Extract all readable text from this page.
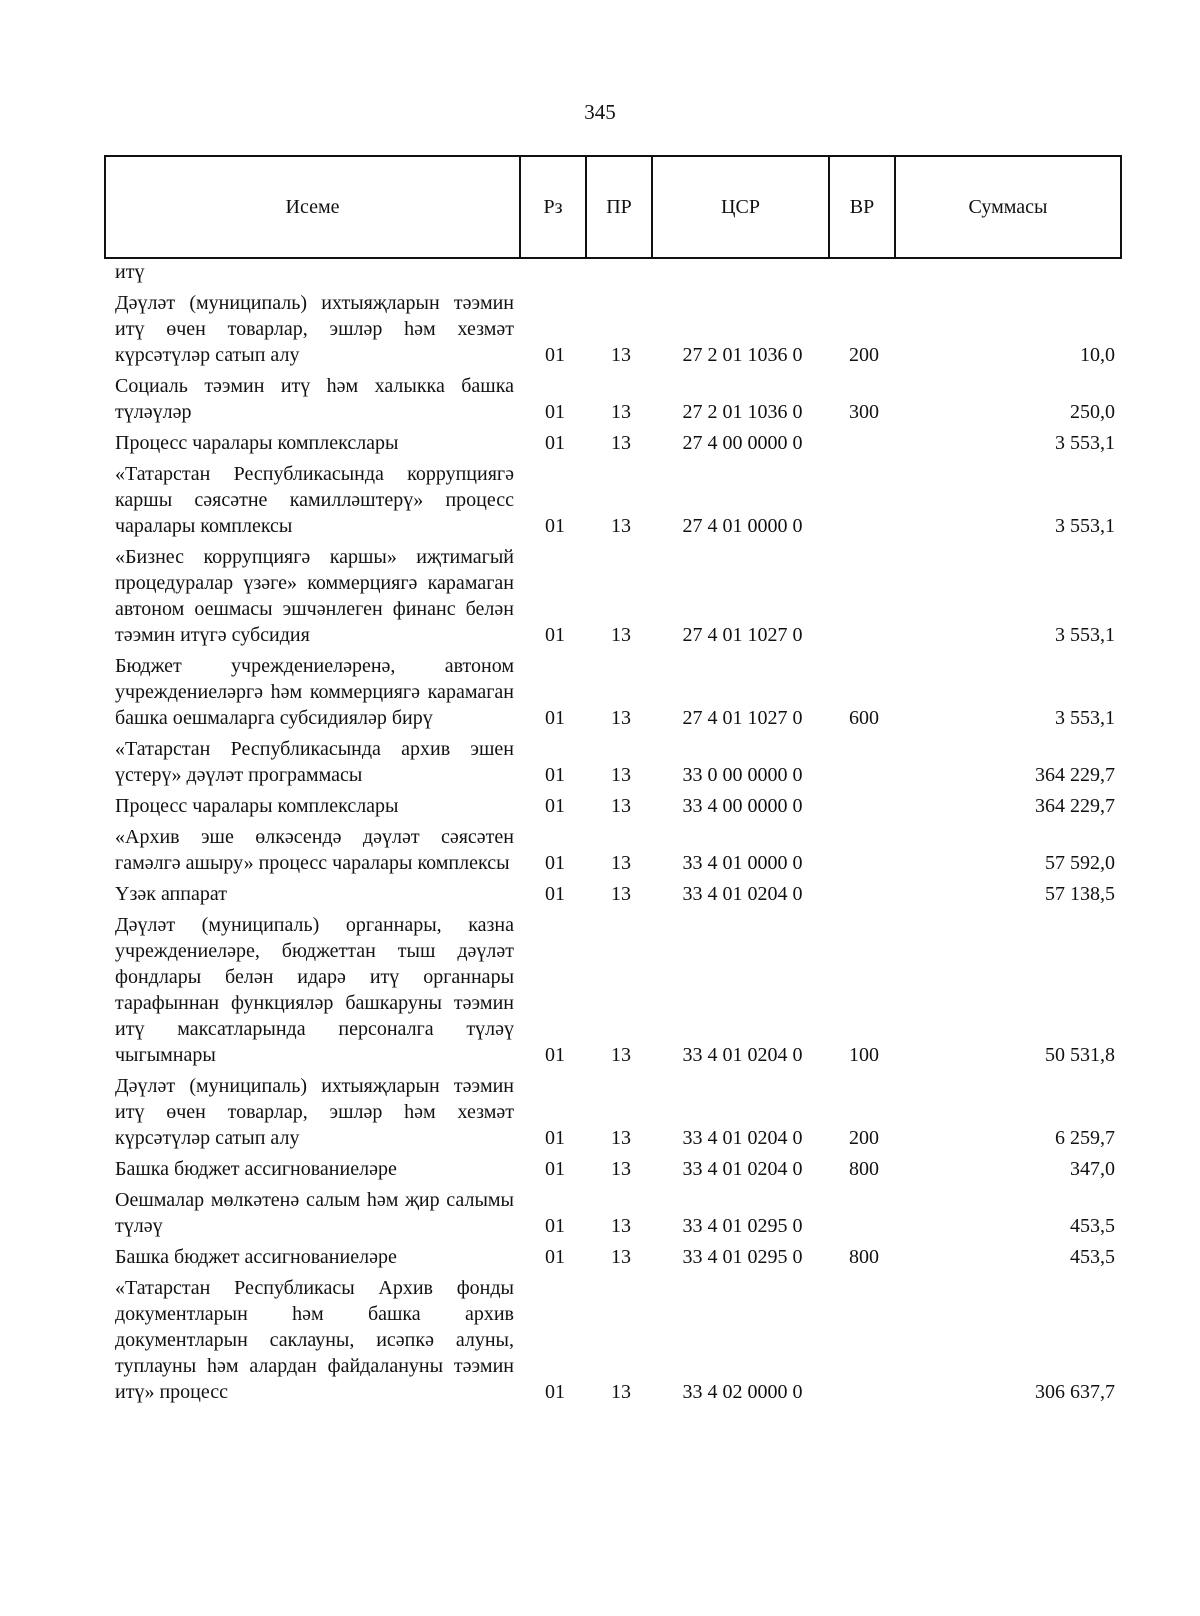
345
Исеме	Рз	ПР	ЦСР	ВР	Суммасы
итү					
Дәүләт (муниципаль) ихтыяҗларын тәэмин итү өчен товарлар, эшләр һәм хезмәт күрсәтүләр сатып алу	01	13	27 2 01 1036 0	200	10,0
Социаль тәэмин итү һәм халыкка башка түләүләр	01	13	27 2 01 1036 0	300	250,0
Процесс чаралары комплекслары	01	13	27 4 00 0000 0		3 553,1
«Татарстан Республикасында коррупциягә каршы сәясәтне камилләштерү» процесс чаралары комплексы	01	13	27 4 01 0000 0		3 553,1
«Бизнес коррупциягә каршы» иҗтимагый процедуралар үзәге» коммерциягә карамаган автоном оешмасы эшчәнлеген финанс белән тәэмин итүгә субсидия	01	13	27 4 01 1027 0		3 553,1
Бюджет учреждениеләренә, автоном учреждениеләргә һәм коммерциягә карамаган башка оешмаларга субсидияләр бирү	01	13	27 4 01 1027 0	600	3 553,1
«Татарстан Республикасында архив эшен үстерү» дәүләт программасы	01	13	33 0 00 0000 0		364 229,7
Процесс чаралары комплекслары	01	13	33 4 00 0000 0		364 229,7
«Архив эше өлкәсендә дәүләт сәясәтен гамәлгә ашыру» процесс чаралары комплексы	01	13	33 4 01 0000 0		57 592,0
Үзәк аппарат	01	13	33 4 01 0204 0		57 138,5
Дәүләт (муниципаль) органнары, казна учреждениеләре, бюджеттан тыш дәүләт фондлары белән идарә итү органнары тарафыннан функцияләр башкаруны тәэмин итү максатларында персоналга түләү чыгымнары	01	13	33 4 01 0204 0	100	50 531,8
Дәүләт (муниципаль) ихтыяҗларын тәэмин итү өчен товарлар, эшләр һәм хезмәт күрсәтүләр сатып алу	01	13	33 4 01 0204 0	200	6 259,7
Башка бюджет ассигнованиеләре	01	13	33 4 01 0204 0	800	347,0
Оешмалар мөлкәтенә салым һәм җир салымы түләү	01	13	33 4 01 0295 0		453,5
Башка бюджет ассигнованиеләре	01	13	33 4 01 0295 0	800	453,5
«Татарстан Республикасы Архив фонды документларын һәм башка архив документларын саклауны, исәпкә алуны, туплауны һәм алардан файдалануны тәэмин итү» процесс	01	13	33 4 02 0000 0		306 637,7
